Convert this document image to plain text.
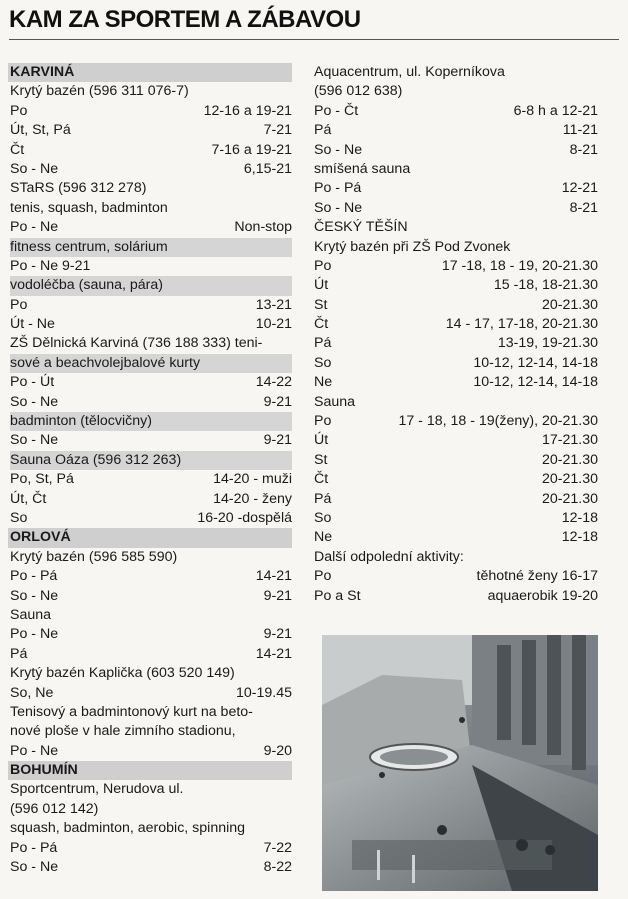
KAM ZA SPORTEM A ZÁBAVOU
KARVINÁ
Krytý bazén (596 311 076-7)
Po	12-16 a 19-21
Út, St, Pá	7-21
Čt	7-16 a 19-21
So - Ne	6,15-21
STaRS (596 312 278)
tenis, squash, badminton
Po - Ne	Non-stop
fitness centrum, solárium
Po - Ne 9-21
vodoléčba (sauna, pára)
Po	13-21
Út - Ne	10-21
ZŠ Dělnická Karviná (736 188 333) teni-
sové a beachvolejbalové kurty
Po - Út	14-22
So - Ne	9-21
badminton (tělocvičny)
So - Ne	9-21
Sauna Oáza (596 312 263)
Po, St, Pá	14-20 - muži
Út, Čt	14-20 - ženy
So	16-20 -dospělá
ORLOVÁ
Krytý bazén (596 585 590)
Po - Pá	14-21
So - Ne	9-21
Sauna
Po - Ne	9-21
Pá	14-21
Krytý bazén Kaplička (603 520 149)
So, Ne	10-19.45
Tenisový a badmintonový kurt na beto-
nové ploše v hale zimního stadionu,
Po - Ne	9-20
BOHUMÍN
Sportcentrum, Nerudova ul.
(596 012 142)
squash, badminton, aerobic, spinning
Po - Pá	7-22
So - Ne	8-22
Aquacentrum, ul. Koperníkova
(596 012 638)
Po - Čt	6-8 h a 12-21
Pá	11-21
So - Ne	8-21
smíšená sauna
Po - Pá	12-21
So - Ne	8-21
ČESKÝ TĚŠÍN
Krytý bazén při ZŠ Pod Zvonek
Po	17 -18, 18 - 19, 20-21.30
Út	15 -18, 18-21.30
St	20-21.30
Čt	14 - 17, 17-18, 20-21.30
Pá	13-19, 19-21.30
So	10-12, 12-14, 14-18
Ne	10-12, 12-14, 14-18
Sauna
Po	17 - 18, 18 - 19(ženy), 20-21.30
Út	17-21.30
St	20-21.30
Čt	20-21.30
Pá	20-21.30
So	12-18
Ne	12-18
Další odpolední aktivity:
Po	těhotné ženy 16-17
Po a St	aquaerobik 19-20
